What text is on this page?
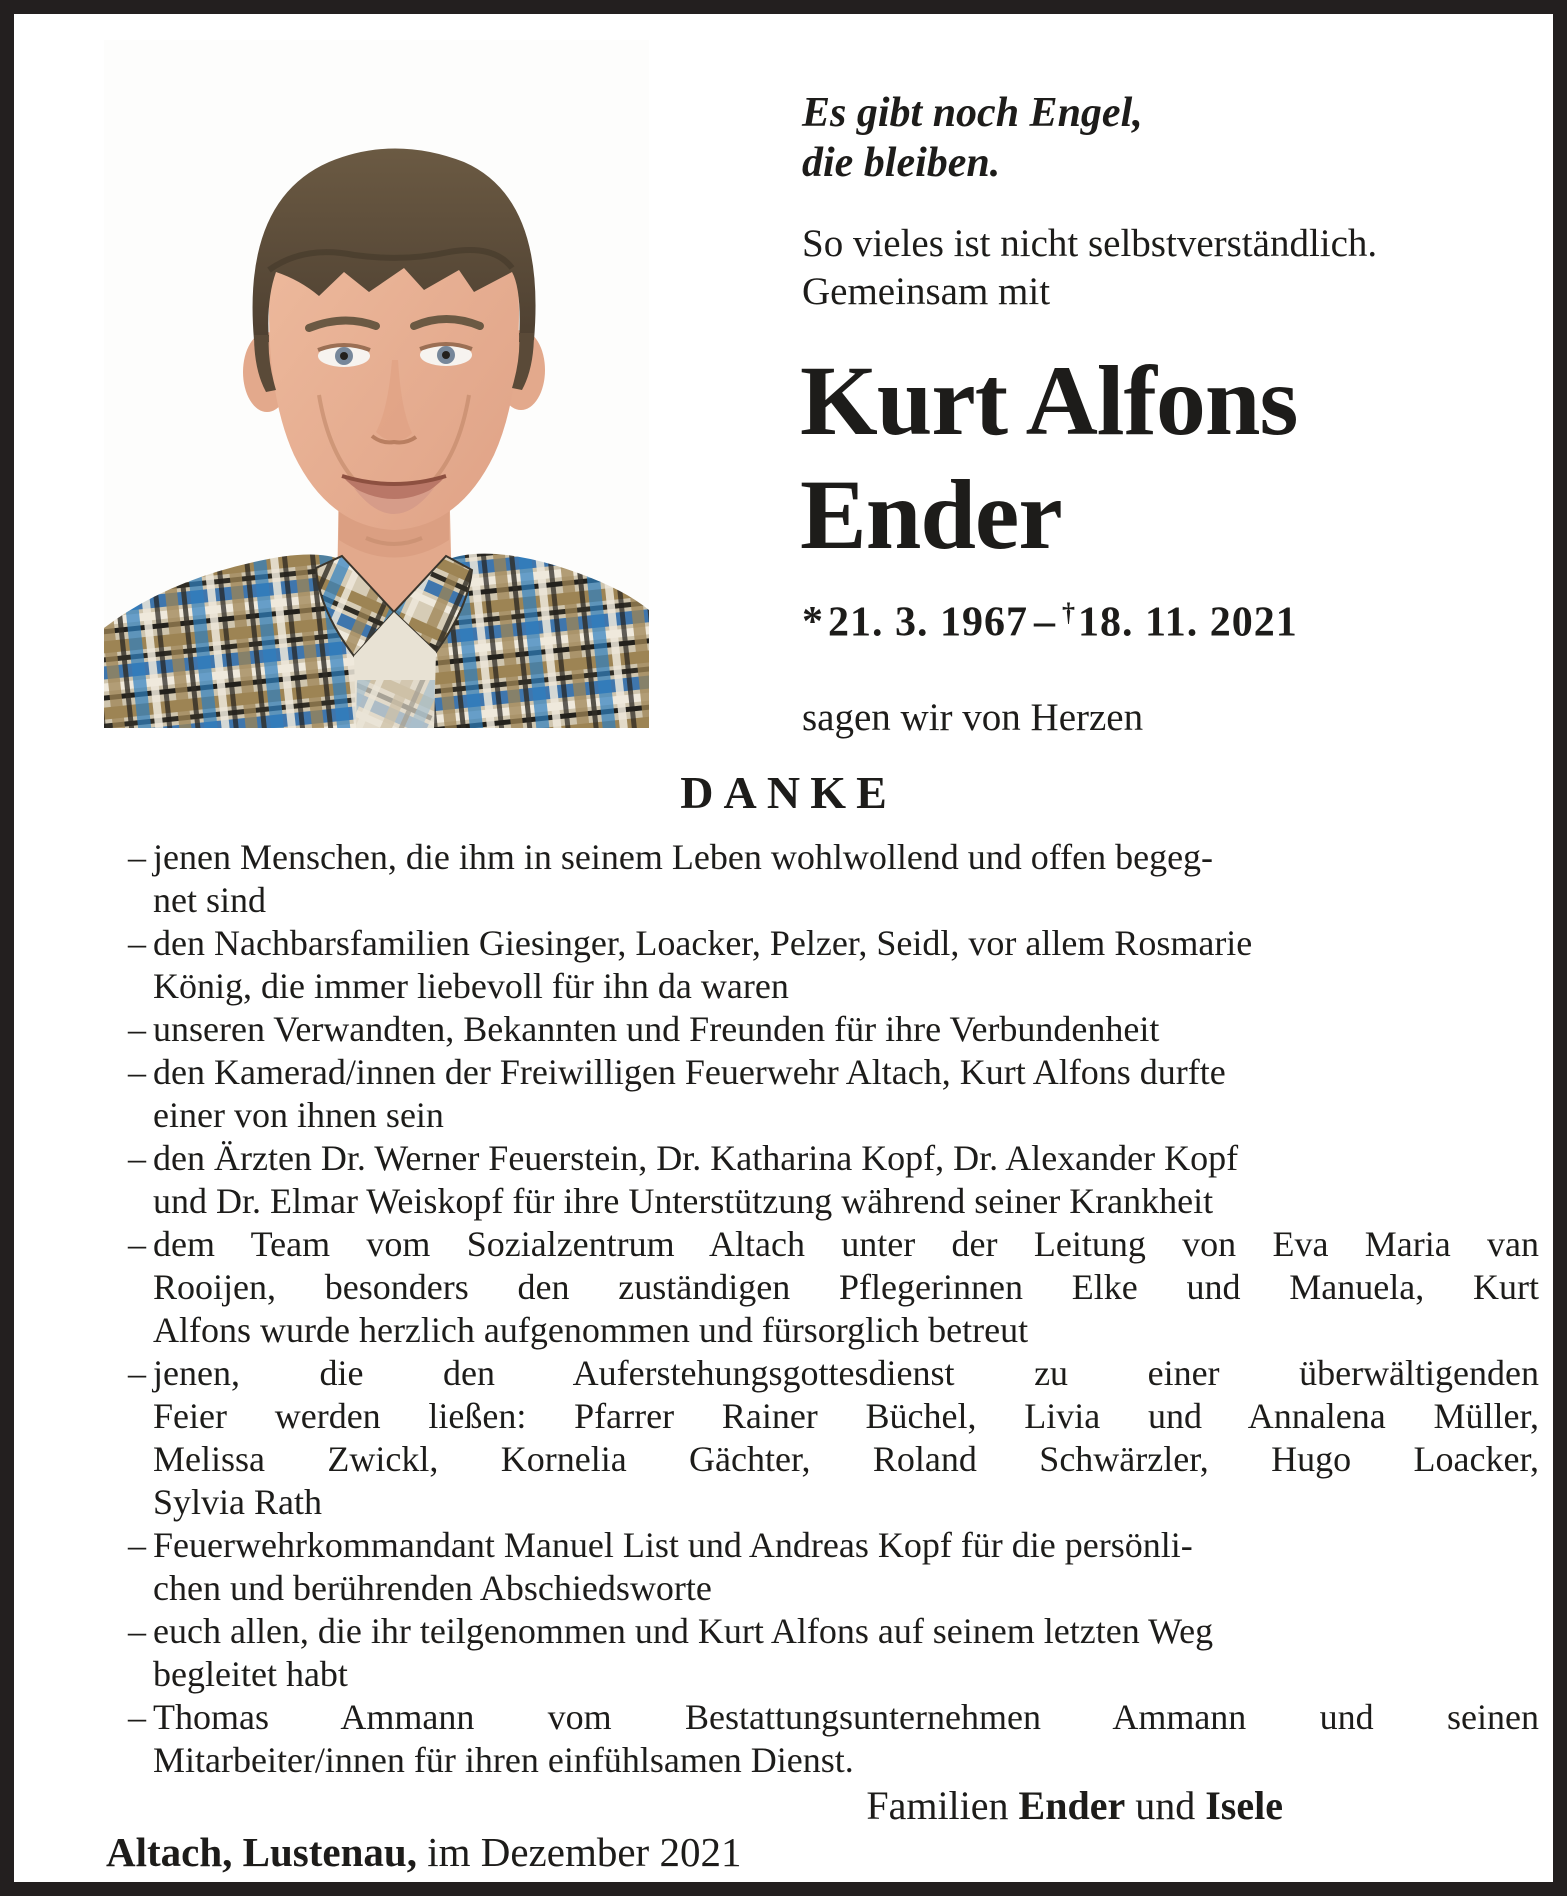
Es gibt noch Engel,
die bleiben.
So vieles ist nicht selbstverständlich.
Gemeinsam mit
Kurt Alfons
Ender
*21. 3. 1967 – †18. 11. 2021
sagen wir von Herzen
DANKE
– jenen Menschen, die ihm in seinem Leben wohlwollend und offen begeg-
net sind
– den Nachbarsfamilien Giesinger, Loacker, Pelzer, Seidl, vor allem Rosmarie
König, die immer liebevoll für ihn da waren
– unseren Verwandten, Bekannten und Freunden für ihre Verbundenheit
– den Kamerad/innen der Freiwilligen Feuerwehr Altach, Kurt Alfons durfte
einer von ihnen sein
– den Ärzten Dr. Werner Feuerstein, Dr. Katharina Kopf, Dr. Alexander Kopf
und Dr. Elmar Weiskopf für ihre Unterstützung während seiner Krankheit
– dem Team vom Sozialzentrum Altach unter der Leitung von Eva Maria van
Rooijen, besonders den zuständigen Pflegerinnen Elke und Manuela, Kurt
Alfons wurde herzlich aufgenommen und fürsorglich betreut
– jenen, die den Auferstehungsgottesdienst zu einer überwältigenden
Feier werden ließen: Pfarrer Rainer Büchel, Livia und Annalena Müller,
Melissa Zwickl, Kornelia Gächter, Roland Schwärzler, Hugo Loacker,
Sylvia Rath
– Feuerwehrkommandant Manuel List und Andreas Kopf für die persönli-
chen und berührenden Abschiedsworte
– euch allen, die ihr teilgenommen und Kurt Alfons auf seinem letzten Weg
begleitet habt
– Thomas Ammann vom Bestattungsunternehmen Ammann und seinen
Mitarbeiter/innen für ihren einfühlsamen Dienst.
Familien Ender und Isele
Altach, Lustenau, im Dezember 2021
